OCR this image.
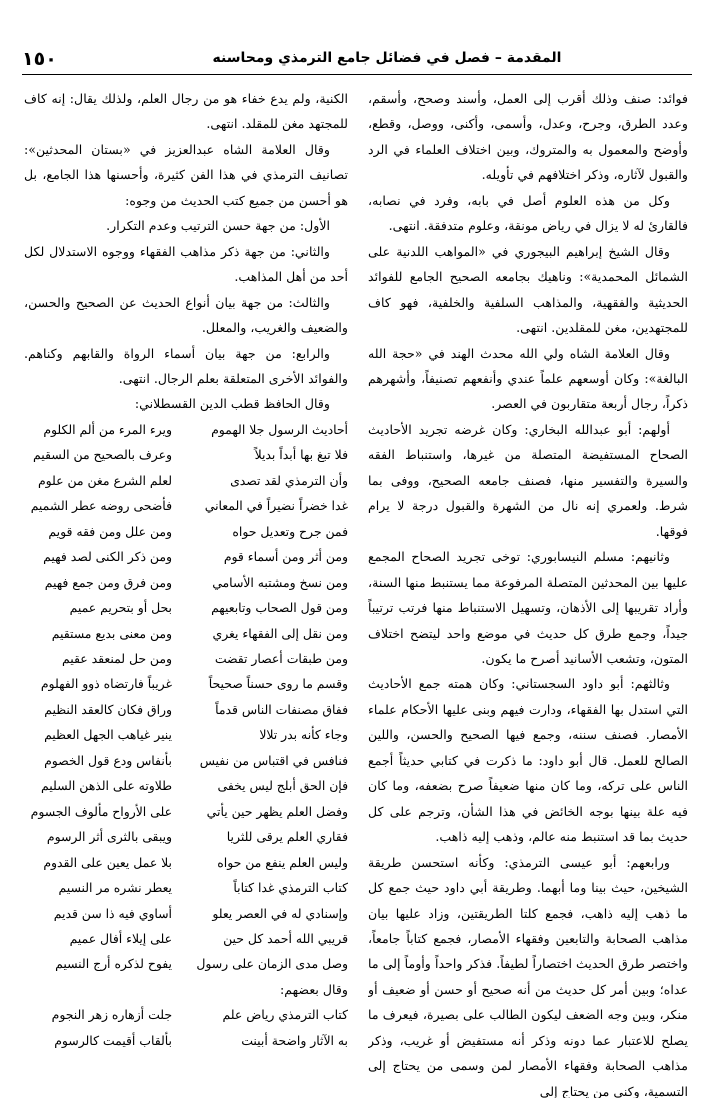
١٥٠	المقدمة – فصل في فضائل جامع الترمذي ومحاسنه

فوائد: صنف وذلك أقرب إلى العمل، وأسند وصحح، وأسقم، وعدد الطرق، وجرح، وعدل، وأسمى، وأكنى، ووصل، وقطع، وأوضح والمعمول به والمتروك، وبين اختلاف العلماء في الرد والقبول لآثاره، وذكر اختلافهم في تأويله.

وكل من هذه العلوم أصل في بابه، وفرد في نصابه، فالقارئ له لا يزال في رياض مونقة، وعلوم متدفقة. انتهى.

وقال الشيخ إبراهيم البيجوري في «المواهب اللدنية على الشمائل المحمدية»: وناهيك بجامعه الصحيح الجامع للفوائد الحديثية والفقهية، والمذاهب السلفية والخلفية، فهو كاف للمجتهدين، مغن للمقلدين. انتهى.

وقال العلامة الشاه ولي الله محدث الهند في «حجة الله البالغة»: وكان أوسعهم علماً عندي وأنفعهم تصنيفاً، وأشهرهم ذكراً، رجال أربعة متقاربون في العصر.

أولهم: أبو عبدالله البخاري: وكان غرضه تجريد الأحاديث الصحاح المستفيضة المتصلة من غيرها، واستنباط الفقه والسيرة والتفسير منها، فصنف جامعه الصحيح، ووفى بما شرط. ولعمري إنه نال من الشهرة والقبول درجة لا يرام فوقها.

وثانيهم: مسلم النيسابوري: توخى تجريد الصحاح المجمع عليها بين المحدثين المتصلة المرفوعة مما يستنبط منها السنة، وأراد تقريبها إلى الأذهان، وتسهيل الاستنباط منها فرتب ترتيباً جيداً، وجمع طرق كل حديث في موضع واحد ليتضح اختلاف المتون، وتشعب الأسانيد أصرح ما يكون.

وثالثهم: أبو داود السجستاني: وكان همته جمع الأحاديث التي استدل بها الفقهاء، ودارت فيهم وبنى عليها الأحكام علماء الأمصار. فصنف سننه، وجمع فيها الصحيح والحسن، واللين الصالح للعمل. قال أبو داود: ما ذكرت في كتابي حديثاً أجمع الناس على تركه، وما كان منها ضعيفاً صرح بضعفه، وما كان فيه علة بينها بوجه الخائض في هذا الشأن، وترجم على كل حديث بما قد استنبط منه عالم، وذهب إليه ذاهب.

ورابعهم: أبو عيسى الترمذي: وكأنه استحسن طريقة الشيخين، حيث بينا وما أبهما. وطريقة أبي داود حيث جمع كل ما ذهب إليه ذاهب، فجمع كلتا الطريقتين، وزاد عليها بيان مذاهب الصحابة والتابعين وفقهاء الأمصار، فجمع كتاباً جامعاً، واختصر طرق الحديث اختصاراً لطيفاً. فذكر واحداً وأوماً إلى ما عداه؛ وبين أمر كل حديث من أنه صحيح أو حسن أو ضعيف أو منكر، وبين وجه الضعف ليكون الطالب على بصيرة، فيعرف ما يصلح للاعتبار عما دونه وذكر أنه مستفيض أو غريب، وذكر مذاهب الصحابة وفقهاء الأمصار لمن وسمى من يحتاج إلى التسمية، وكنى من يحتاج إلى

الكنية، ولم يدع خفاء هو من رجال العلم، ولذلك يقال: إنه كاف للمجتهد مغن للمقلد. انتهى.

وقال العلامة الشاه عبدالعزيز في «بستان المحدثين»: تصانيف الترمذي في هذا الفن كثيرة، وأحسنها هذا الجامع، بل هو أحسن من جميع كتب الحديث من وجوه:

الأول: من جهة حسن الترتيب وعدم التكرار.

والثاني: من جهة ذكر مذاهب الفقهاء ووجوه الاستدلال لكل أحد من أهل المذاهب.

والثالث: من جهة بيان أنواع الحديث عن الصحيح والحسن، والضعيف والغريب، والمعلل.

والرابع: من جهة بيان أسماء الرواة والقابهم وكناهم. والفوائد الأخرى المتعلقة بعلم الرجال. انتهى.

وقال الحافظ قطب الدين القسطلاني:

أحاديث الرسول جلا الهموم	ويرء المرء من ألم الكلوم
فلا تبغ بها أبداً بديلاً	وعرف بالصحيح من السقيم
وأن الترمذي لقد تصدى	لعلم الشرع مغن من علوم
غدا خضراً نضيراً في المعاني	فأضحى روضه عطر الشميم
فمن جرح وتعديل حواه	ومن علل ومن فقه قويم
ومن أثر ومن أسماء قوم	ومن ذكر الكنى لصد فهيم
ومن نسخ ومشتبه الأسامي	ومن فرق ومن جمع فهيم
ومن قول الصحاب وتابعيهم	بحل أو بتحريم عميم
ومن نقل إلى الفقهاء يغري	ومن معنى بديع مستقيم
ومن طبقات أعصار تقضت	ومن حل لمنعقد عقيم
وقسم ما روى حسناً صحيحاً	غريباً فارتضاه ذوو الفهلوم
ففاق مصنفات الناس قدماً	وراق فكان كالعقد النظيم
وجاء كأنه بدر تلالا	ينير غياهب الجهل العظيم
فنافس في اقتباس من نفيس	بأنفاس ودع قول الخصوم
فإن الحق أبلج ليس يخفى	طلاوته على الذهن السليم
وفضل العلم يظهر حين يأتي	على الأرواح مألوف الجسوم
فقاري العلم يرقى للثريا	ويبقى بالثرى أثر الرسوم
وليس العلم ينفع من حواه	بلا عمل يعين على القدوم
كتاب الترمذي غدا كتاباً	يعطر نشره مر النسيم
وإسنادي له في العصر يعلو	أساوي فيه ذا سن قديم
قريبي الله أحمد كل حين	على إيلاء أفال عميم
وصل مدى الزمان على رسول	يفوح لذكره أرج النسيم

وقال بعضهم:

كتاب الترمذي رياض علم	جلت أزهاره زهر النجوم
به الآثار واضحة أبينت	بألقاب أقيمت كالرسوم
